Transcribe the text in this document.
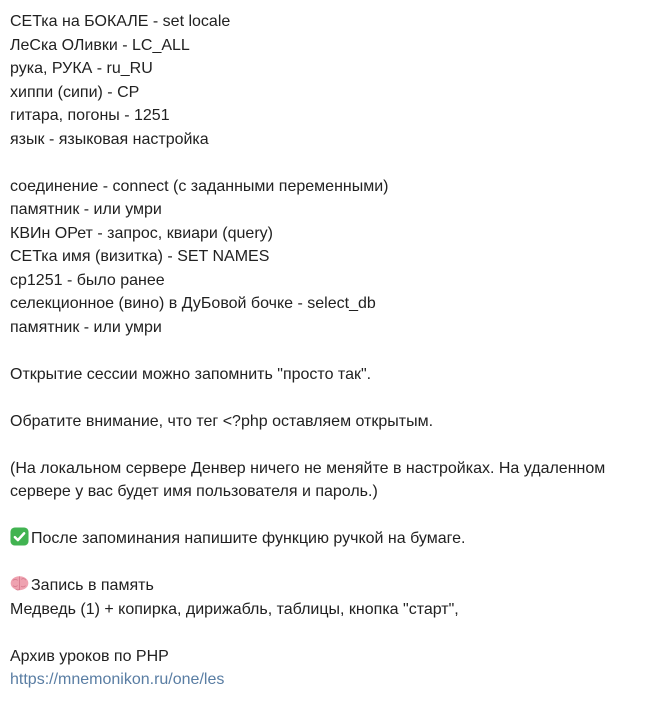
СЕТка на БОКАЛЕ - set locale
ЛеСка ОЛивки - LC_ALL
рука, РУКА - ru_RU
хиппи (сипи) - CP
гитара, погоны - 1251
язык - языковая настройка
соединение - connect (с заданными переменными)
памятник - или умри
КВИн ОРет - запрос, квиари (query)
СЕТка имя (визитка) - SET NAMES
cp1251 - было ранее
селекционное (вино) в ДуБовой бочке - select_db
памятник - или умри
Открытие сессии можно запомнить "просто так".
Обратите внимание, что тег <?php оставляем открытым.
(На локальном сервере Денвер ничего не меняйте в настройках. На удаленном сервере у вас будет имя пользователя и пароль.)
После запоминания напишите функцию ручкой на бумаге.
Запись в память
Медведь (1) + копирка, дирижабль, таблицы, кнопка "старт",
Архив уроков по PHP
https://mnemonikon.ru/one/les
